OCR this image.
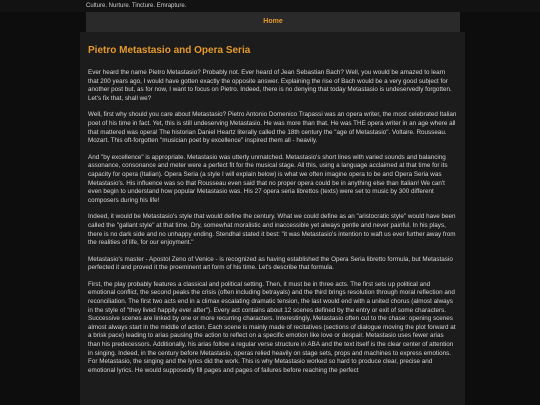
Culture. Nurture. Tincture. Emrapture.
Home
Pietro Metastasio and Opera Seria

Ever heard the name Pietro Metastasio? Probably not. Ever heard of Jean Sebastian Bach? Well, you would be amazed to learn that 200 years ago, I would have gotten exactly the opposite answer. Explaining the rise of Bach would be a very good subject for another post but, as for now, I want to focus on Pietro. Indeed, there is no denying that today Metastasio is undeservedly forgotten. Let's fix that, shall we?

Well, first why should you care about Metastasio? Pietro Antonio Domenico Trapassi was an opera writer, the most celebrated Italian poet of his time in fact. Yet, this is still undeserving Metastasio. He was more than that. He was THE opera writer in an age where all that mattered was opera! The historian Daniel Heartz literally called the 18th century the "age of Metastasio". Voltaire. Rousseau. Mozart. This oft-forgotten "musician poet by excellence" inspired them all - heavily.

And "by excellence" is appropriate. Metastasio was utterly unmatched. Metastasio's short lines with varied sounds and balancing assonance, consonance and meter were a perfect fit for the musical stage. All this, using a language acclaimed at that time for its capacity for opera (Italian). Opera Seria (a style I will explain below) is what we often imagine opera to be and Opera Seria was Metastasio's. His influence was so that Rousseau even said that no proper opera could be in anything else than Italian! We can't even begin to understand how popular Metastasio was. His 27 opera seria librettos (texts) were set to music by 300 different composers during his life!

Indeed, it would be Metastasio's style that would define the century. What we could define as an "aristocratic style" would have been called the "gallant style" at that time. Dry, somewhat moralistic and inaccessible yet always gentle and never painful. In his plays, there is no dark side and no unhappy ending. Stendhal stated it best: "it was Metastasio's intention to waft us ever further away from the realities of life, for our enjoyment."

Metastasio's master - Apostol Zeno of Venice - is recognized as having established the Opera Seria libretto formula, but Metastasio perfected it and proved it the proeminent art form of his time. Let's describe that formula.

First, the play probably features a classical and political setting. Then, it must be in three acts. The first sets up political and emotional conflict, the second peaks the crisis (often including betrayals) and the third brings resolution through moral reflection and reconciliation. The first two acts end in a climax escalating dramatic tension, the last would end with a united chorus (almost always in the style of "they lived happily ever after"). Every act contains about 12 scenes defined by the entry or exit of some characters. Successive scenes are linked by one or more recurring characters. Interestingly, Metastasio often cut to the chase: opening scenes almost always start in the middle of action. Each scene is mainly made of recitatives (sections of dialogue moving the plot forward at a brisk pace) leading to arias pausing the action to reflect on a specific emotion like love or despair. Metastasio uses fewer arias than his predecessors. Additionally, his arias follow a regular verse structure in ABA and the text itself is the clear center of attention in singing. Indeed, in the century before Metastasio, operas relied heavily on stage sets, props and machines to express emotions. For Metastasio, the singing and the lyrics did the work. This is why Metastasio worked so hard to produce clear, precise and emotional lyrics. He would supposedly fill pages and pages of failures before reaching the perfect
